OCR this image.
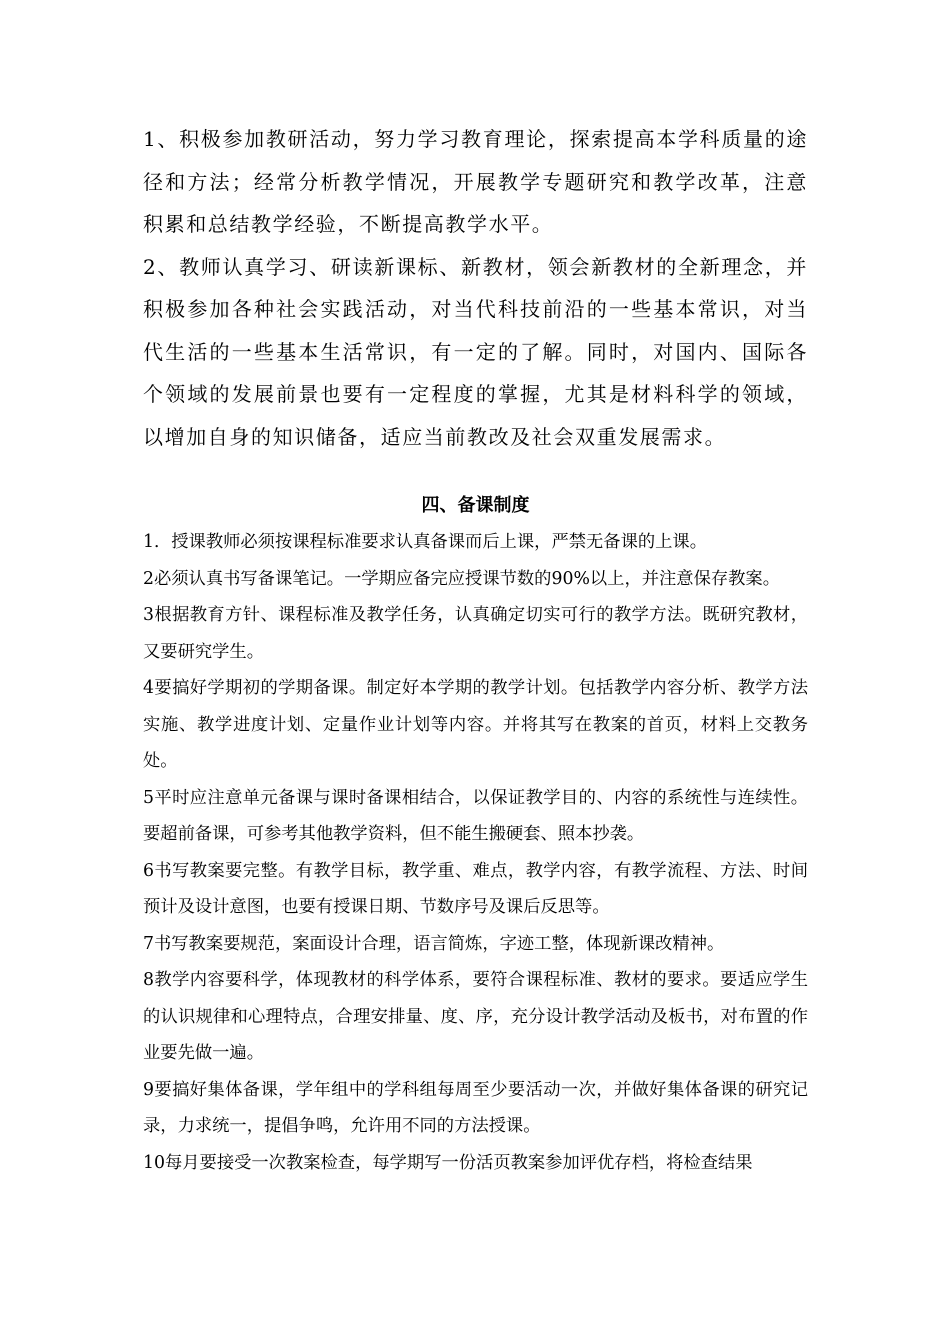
1、积极参加教研活动，努力学习教育理论，探索提高本学科质量的途径和方法；经常分析教学情况，开展教学专题研究和教学改革，注意积累和总结教学经验，不断提高教学水平。

2、教师认真学习、研读新课标、新教材，领会新教材的全新理念，并积极参加各种社会实践活动，对当代科技前沿的一些基本常识，对当代生活的一些基本生活常识，有一定的了解。同时，对国内、国际各个领域的发展前景也要有一定程度的掌握，尤其是材料科学的领域，以增加自身的知识储备，适应当前教改及社会双重发展需求。

四、备课制度

1．授课教师必须按课程标准要求认真备课而后上课，严禁无备课的上课。

2必须认真书写备课笔记。一学期应备完应授课节数的90%以上，并注意保存教案。

3根据教育方针、课程标准及教学任务，认真确定切实可行的教学方法。既研究教材，又要研究学生。

4要搞好学期初的学期备课。制定好本学期的教学计划。包括教学内容分析、教学方法实施、教学进度计划、定量作业计划等内容。并将其写在教案的首页，材料上交教务处。

5平时应注意单元备课与课时备课相结合，以保证教学目的、内容的系统性与连续性。要超前备课，可参考其他教学资料，但不能生搬硬套、照本抄袭。

6书写教案要完整。有教学目标，教学重、难点，教学内容，有教学流程、方法、时间预计及设计意图，也要有授课日期、节数序号及课后反思等。

7书写教案要规范，案面设计合理，语言简炼，字迹工整，体现新课改精神。

8教学内容要科学，体现教材的科学体系，要符合课程标准、教材的要求。要适应学生的认识规律和心理特点，合理安排量、度、序，充分设计教学活动及板书，对布置的作业要先做一遍。

9要搞好集体备课，学年组中的学科组每周至少要活动一次，并做好集体备课的研究记录，力求统一，提倡争鸣，允许用不同的方法授课。

10每月要接受一次教案检查，每学期写一份活页教案参加评优存档，将检查结果
